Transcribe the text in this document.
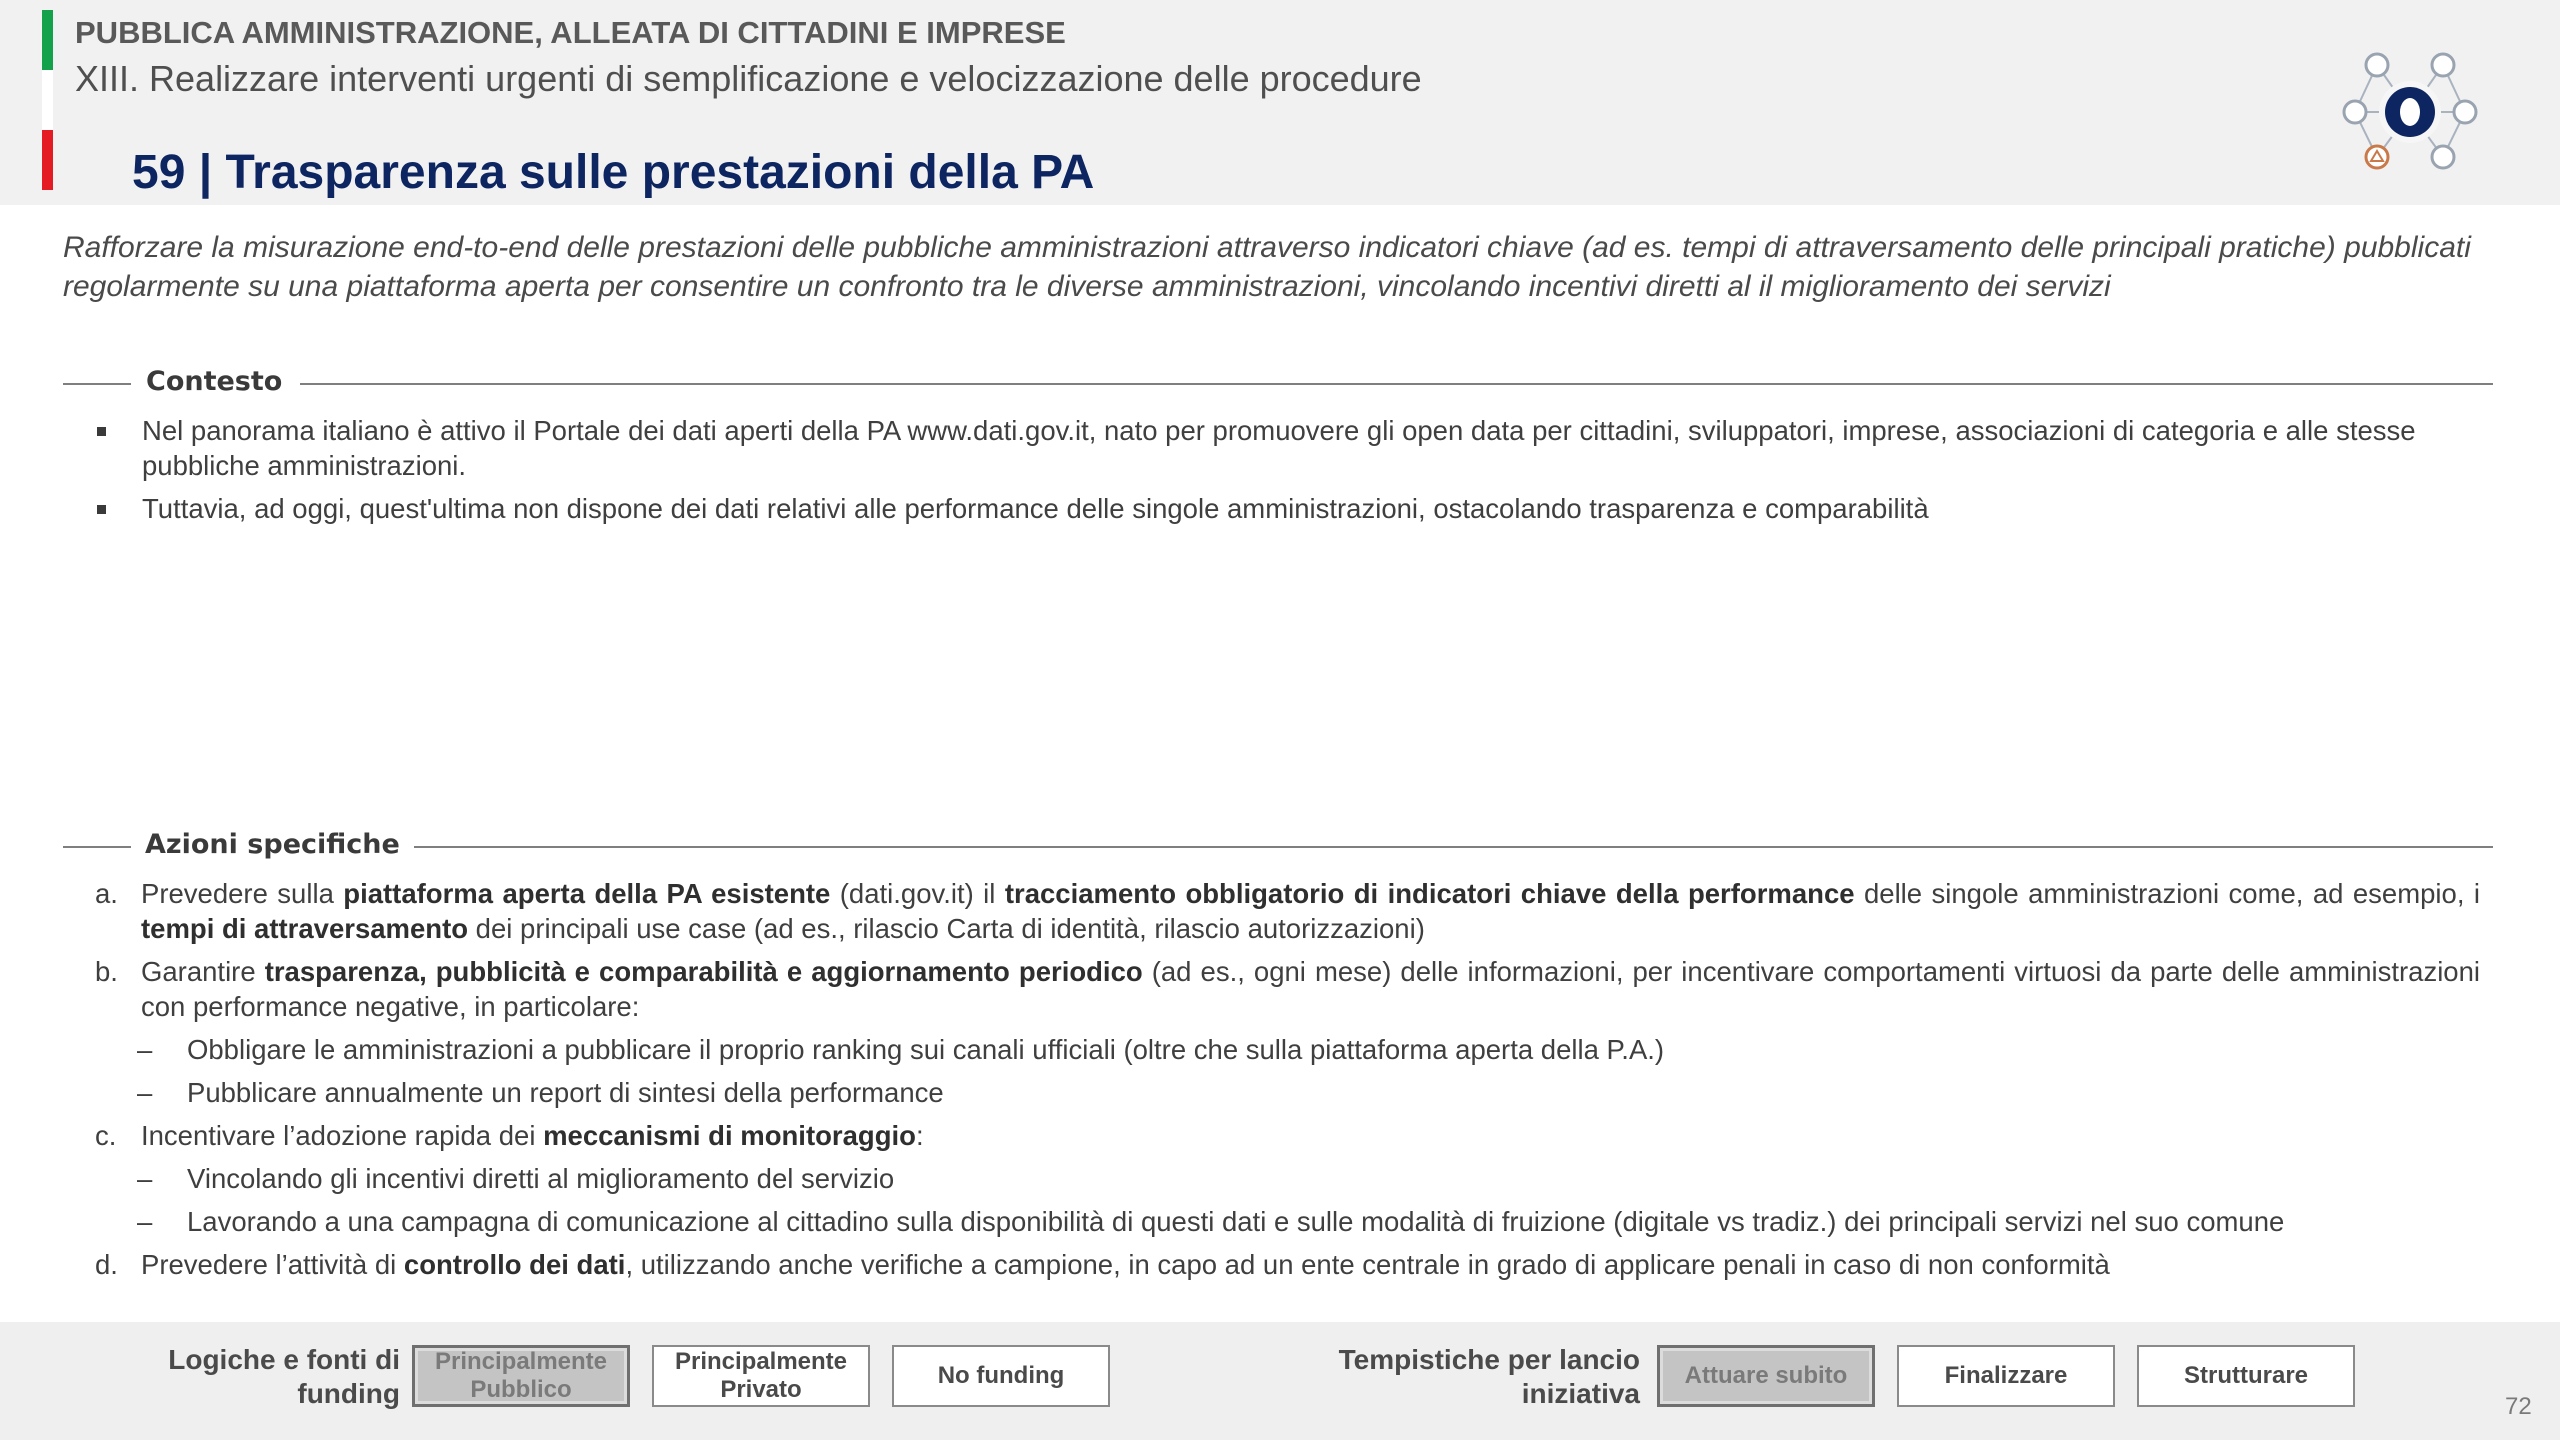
PUBBLICA AMMINISTRAZIONE, ALLEATA DI CITTADINI E IMPRESE
XIII. Realizzare interventi urgenti di semplificazione e velocizzazione delle procedure
59 | Trasparenza sulle prestazioni della PA
Rafforzare la misurazione end-to-end delle prestazioni delle pubbliche amministrazioni attraverso indicatori chiave (ad es. tempi di attraversamento delle principali pratiche) pubblicati regolarmente su una piattaforma aperta per consentire un confronto tra le diverse amministrazioni, vincolando incentivi diretti al il miglioramento dei servizi
Contesto
Nel panorama italiano è attivo il Portale dei dati aperti della PA www.dati.gov.it, nato per promuovere gli open data per cittadini, sviluppatori, imprese, associazioni di categoria e alle stesse pubbliche amministrazioni.
Tuttavia, ad oggi, quest'ultima non dispone dei dati relativi alle performance delle singole amministrazioni, ostacolando trasparenza e comparabilità
Azioni specifiche
a. Prevedere sulla piattaforma aperta della PA esistente (dati.gov.it) il tracciamento obbligatorio di indicatori chiave della performance delle singole amministrazioni come, ad esempio, i tempi di attraversamento dei principali use case (ad es., rilascio Carta di identità, rilascio autorizzazioni)
b. Garantire trasparenza, pubblicità e comparabilità e aggiornamento periodico (ad es., ogni mese) delle informazioni, per incentivare comportamenti virtuosi da parte delle amministrazioni con performance negative, in particolare:
– Obbligare le amministrazioni a pubblicare il proprio ranking sui canali ufficiali (oltre che sulla piattaforma aperta della P.A.)
– Pubblicare annualmente un report di sintesi della performance
c. Incentivare l’adozione rapida dei meccanismi di monitoraggio:
– Vincolando gli incentivi diretti al miglioramento del servizio
– Lavorando a una campagna di comunicazione al cittadino sulla disponibilità di questi dati e sulle modalità di fruizione (digitale vs tradiz.) dei principali servizi nel suo comune
d. Prevedere l’attività di controllo dei dati, utilizzando anche verifiche a campione, in capo ad un ente centrale in grado di applicare penali in caso di non conformità
Logiche e fonti di funding
Principalmente
Pubblico
Principalmente
Privato
No funding
Tempistiche per lancio iniziativa
Attuare subito	Finalizzare	Strutturare
72
